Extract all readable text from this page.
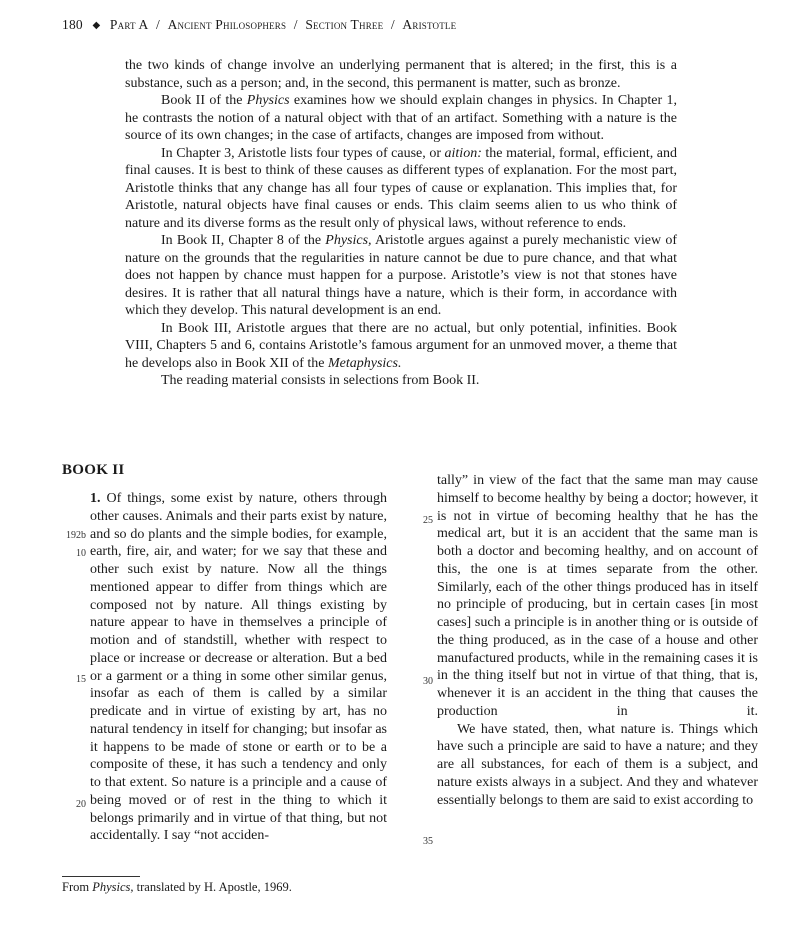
180 ◆ Part A / Ancient Philosophers / Section Three / Aristotle

the two kinds of change involve an underlying permanent that is altered; in the first, this is a substance, such as a person; and, in the second, this permanent is matter, such as bronze.

Book II of the Physics examines how we should explain changes in physics. In Chapter 1, he contrasts the notion of a natural object with that of an artifact. Something with a nature is the source of its own changes; in the case of artifacts, changes are imposed from without.

In Chapter 3, Aristotle lists four types of cause, or aition: the material, formal, efficient, and final causes. It is best to think of these causes as different types of explanation. For the most part, Aristotle thinks that any change has all four types of cause or explanation. This implies that, for Aristotle, natural objects have final causes or ends. This claim seems alien to us who think of nature and its diverse forms as the result only of physical laws, without reference to ends.

In Book II, Chapter 8 of the Physics, Aristotle argues against a purely mechanistic view of nature on the grounds that the regularities in nature cannot be due to pure chance, and that what does not happen by chance must happen for a purpose. Aristotle’s view is not that stones have desires. It is rather that all natural things have a nature, which is their form, in accordance with which they develop. This natural development is an end.

In Book III, Aristotle argues that there are no actual, but only potential, infinities. Book VIII, Chapters 5 and 6, contains Aristotle’s famous argument for an unmoved mover, a theme that he develops also in Book XII of the Metaphysics.

The reading material consists in selections from Book II.

BOOK II

1. Of things, some exist by nature, others through other causes. Animals and their parts exist by nature, and so do plants and the simple bodies, for example, earth, fire, air, and water; for we say that these and other such exist by nature. Now all the things mentioned appear to differ from things which are composed not by nature. All things existing by nature appear to have in themselves a principle of motion and of standstill, whether with respect to place or increase or decrease or alteration. But a bed or a garment or a thing in some other similar genus, insofar as each of them is called by a similar predicate and in virtue of existing by art, has no natural tendency in itself for changing; but insofar as it happens to be made of stone or earth or to be a composite of these, it has such a tendency and only to that extent. So nature is a principle and a cause of being moved or of rest in the thing to which it belongs primarily and in virtue of that thing, but not accidentally. I say “not acciden-

tally” in view of the fact that the same man may cause himself to become healthy by being a doctor; however, it is not in virtue of becoming healthy that he has the medical art, but it is an accident that the same man is both a doctor and becoming healthy, and on account of this, the one is at times separate from the other. Similarly, each of the other things produced has in itself no principle of producing, but in certain cases [in most cases] such a principle is in another thing or is outside of the thing produced, as in the case of a house and other manufactured products, while in the remaining cases it is in the thing itself but not in virtue of that thing, that is, whenever it is an accident in the thing that causes the production in it.

We have stated, then, what nature is. Things which have such a principle are said to have a nature; and they are all substances, for each of them is a subject, and nature exists always in a subject. And they and whatever essentially belongs to them are said to exist according to

192b
10
15
20
25
30
35
From Physics, translated by H. Apostle, 1969.
